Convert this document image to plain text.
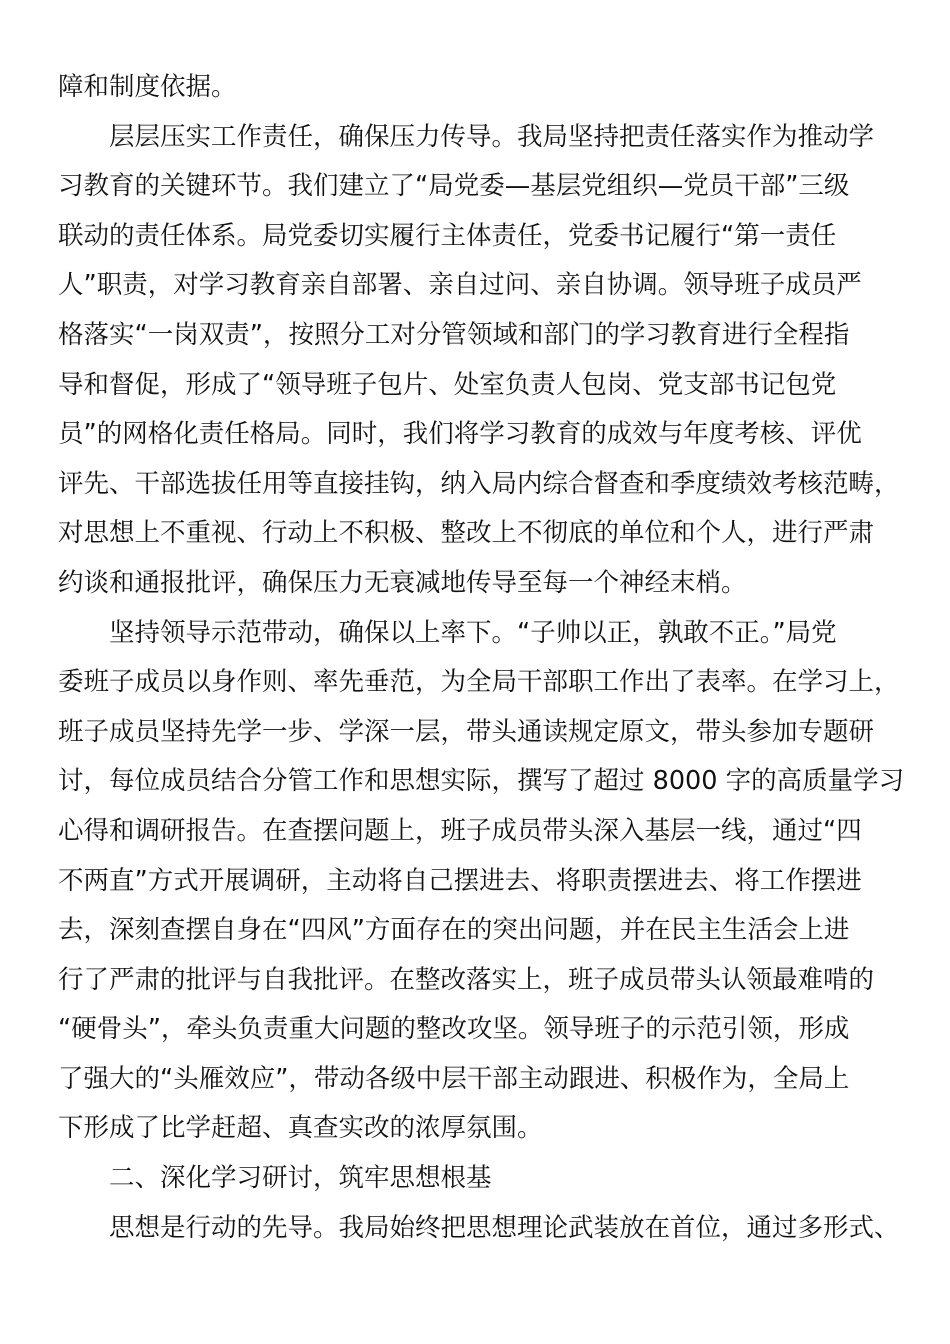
障和制度依据。
层层压实工作责任，确保压力传导。我局坚持把责任落实作为推动学
习教育的关键环节。我们建立了“局党委—基层党组织—党员干部”三级
联动的责任体系。局党委切实履行主体责任，党委书记履行“第一责任
人”职责，对学习教育亲自部署、亲自过问、亲自协调。领导班子成员严
格落实“一岗双责”，按照分工对分管领域和部门的学习教育进行全程指
导和督促，形成了“领导班子包片、处室负责人包岗、党支部书记包党
员”的网格化责任格局。同时，我们将学习教育的成效与年度考核、评优
评先、干部选拔任用等直接挂钩，纳入局内综合督查和季度绩效考核范畴，
对思想上不重视、行动上不积极、整改上不彻底的单位和个人，进行严肃
约谈和通报批评，确保压力无衰减地传导至每一个神经末梢。
坚持领导示范带动，确保以上率下。“子帅以正，孰敢不正。”局党
委班子成员以身作则、率先垂范，为全局干部职工作出了表率。在学习上，
班子成员坚持先学一步、学深一层，带头通读规定原文，带头参加专题研
讨，每位成员结合分管工作和思想实际，撰写了超过 8000 字的高质量学习
心得和调研报告。在查摆问题上，班子成员带头深入基层一线，通过“四
不两直”方式开展调研，主动将自己摆进去、将职责摆进去、将工作摆进
去，深刻查摆自身在“四风”方面存在的突出问题，并在民主生活会上进
行了严肃的批评与自我批评。在整改落实上，班子成员带头认领最难啃的
“硬骨头”，牵头负责重大问题的整改攻坚。领导班子的示范引领，形成
了强大的“头雁效应”，带动各级中层干部主动跟进、积极作为，全局上
下形成了比学赶超、真查实改的浓厚氛围。
二、深化学习研讨，筑牢思想根基
思想是行动的先导。我局始终把思想理论武装放在首位，通过多形式、
